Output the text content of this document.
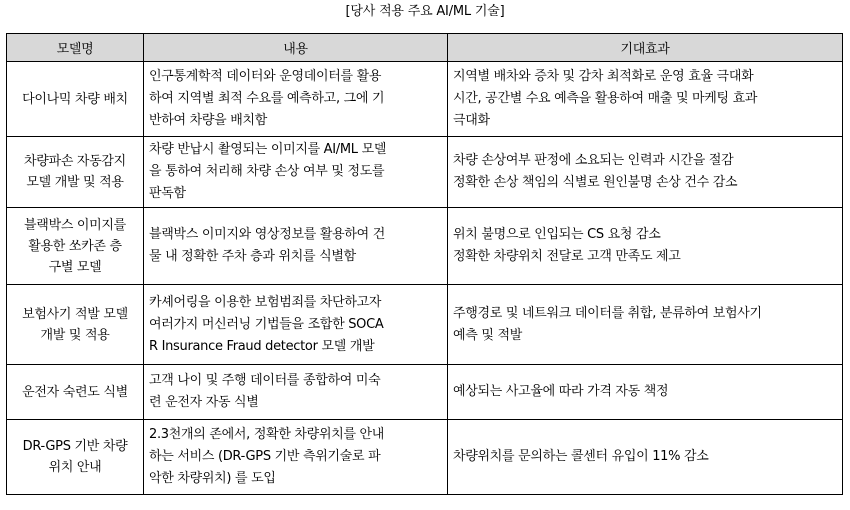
[당사 적용 주요 AI/ML 기술]
모델명	내용	기대효과

다이나믹 차량 배치	인구통계학적 데이터와 운영데이터를 활용
하여 지역별 최적 수요를 예측하고, 그에 기
반하여 차량을 배치함	지역별 배차와 증차 및 감차 최적화로 운영 효율 극대화
시간, 공간별 수요 예측을 활용하여 매출 및 마케팅 효과
극대화

차량파손 자동감지
모델 개발 및 적용	차량 반납시 촬영되는 이미지를 AI/ML 모델
을 통하여 처리해 차량 손상 여부 및 정도를
판독함	차량 손상여부 판정에 소요되는 인력과 시간을 절감
정확한 손상 책임의 식별로 원인불명 손상 건수 감소

블랙박스 이미지를
활용한 쏘카존 층
구별 모델	블랙박스 이미지와 영상정보를 활용하여 건
물 내 정확한 주차 층과 위치를 식별함	위치 불명으로 인입되는 CS 요청 감소
정확한 차량위치 전달로 고객 만족도 제고

보험사기 적발 모델
개발 및 적용	카셰어링을 이용한 보험범죄를 차단하고자
여러가지 머신러닝 기법들을 조합한 SOCA
R Insurance Fraud detector 모델 개발	주행경로 및 네트워크 데이터를 취합, 분류하여 보험사기
예측 및 적발

운전자 숙련도 식별	고객 나이 및 주행 데이터를 종합하여 미숙
련 운전자 자동 식별	예상되는 사고율에 따라 가격 자동 책정

DR-GPS 기반 차량
위치 안내	2.3천개의 존에서, 정확한 차량위치를 안내
하는 서비스 (DR-GPS 기반 측위기술로 파
악한 차량위치) 를 도입	차량위치를 문의하는 콜센터 유입이 11% 감소
